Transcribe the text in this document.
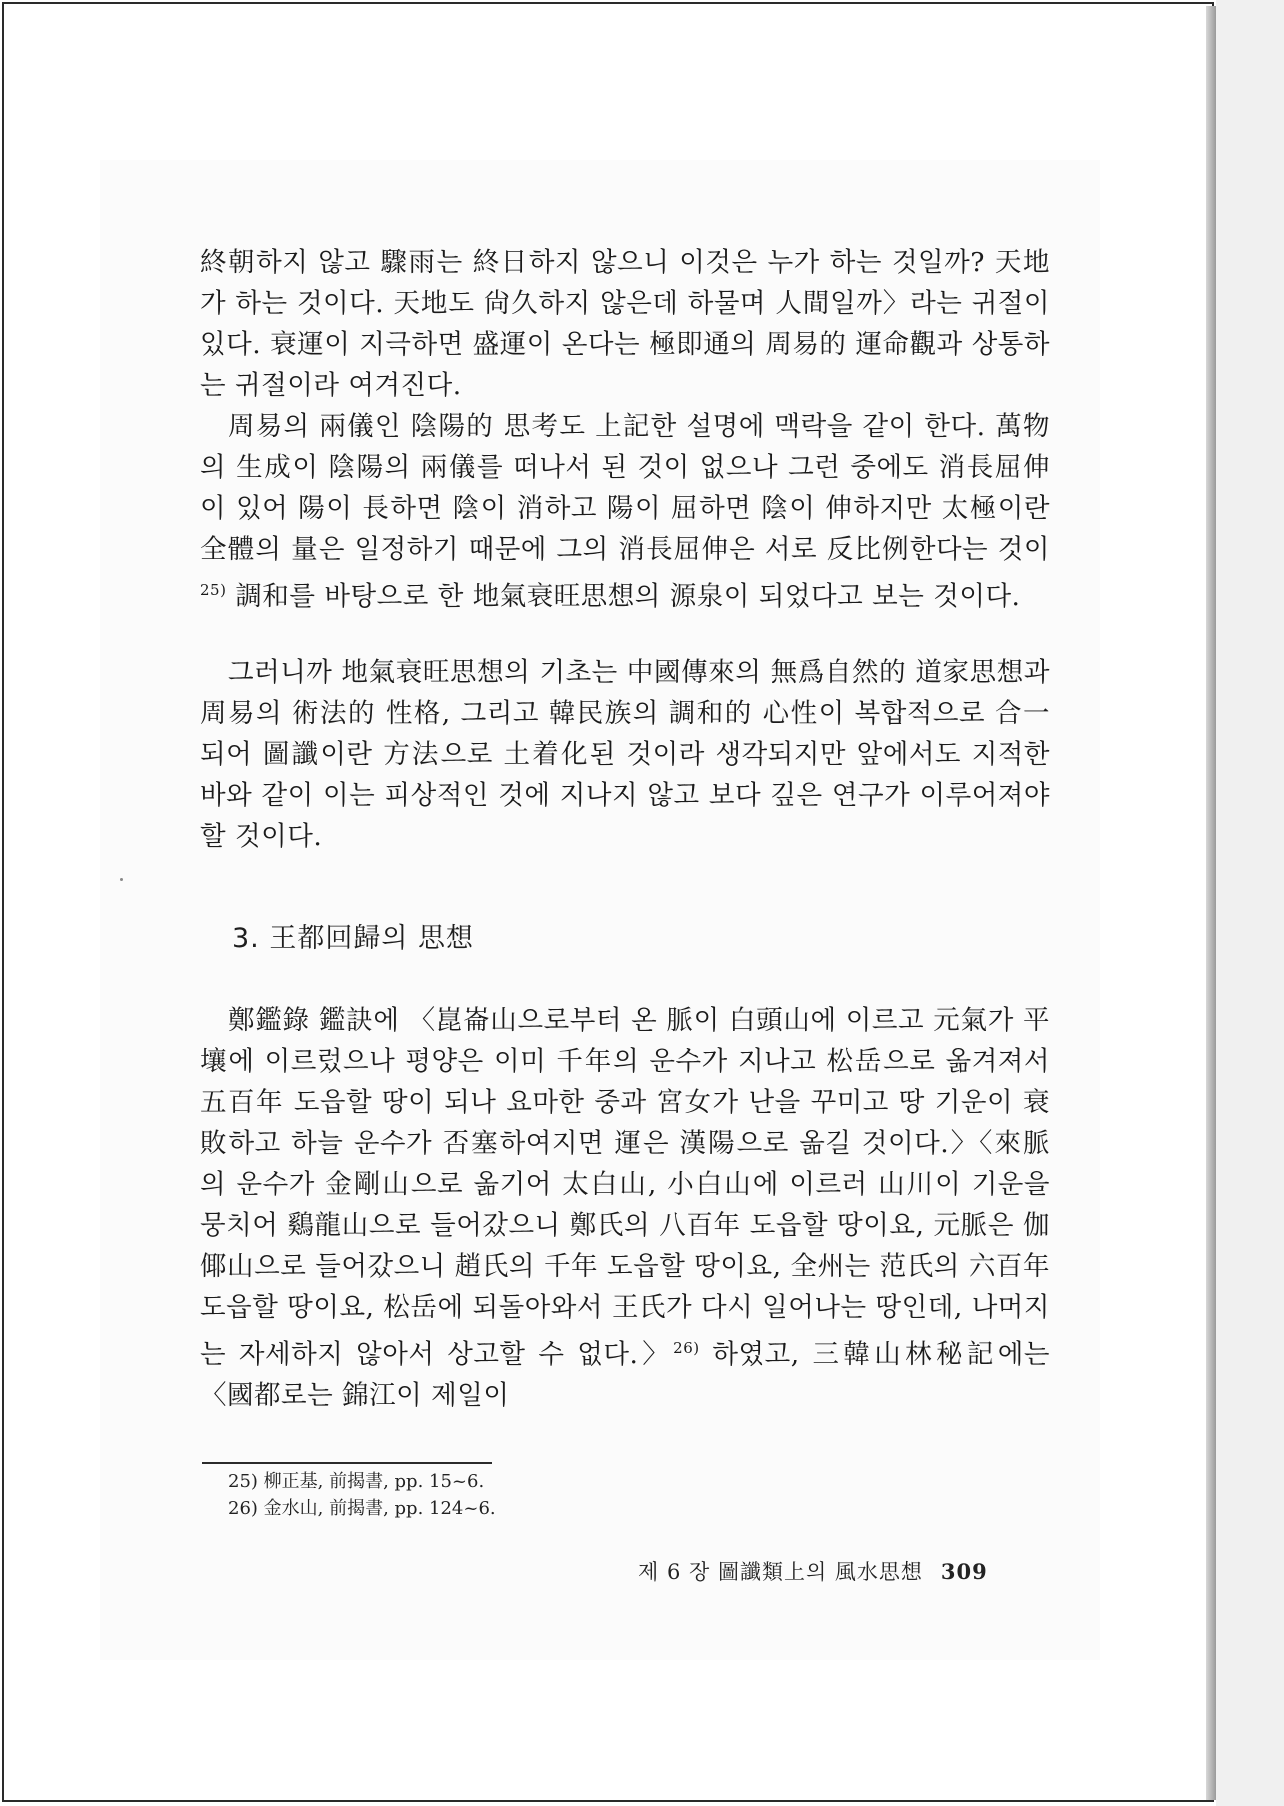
終朝하지 않고 驟雨는 終日하지 않으니 이것은 누가 하는 것일까? 天地가 하는 것이다. 天地도 尙久하지 않은데 하물며 人間일까〉라는 귀절이 있다. 衰運이 지극하면 盛運이 온다는 極即通의 周易的 運命觀과 상통하는 귀절이라 여겨진다.

周易의 兩儀인 陰陽的 思考도 上記한 설명에 맥락을 같이 한다. 萬物의 生成이 陰陽의 兩儀를 떠나서 된 것이 없으나 그런 중에도 消長屈伸이 있어 陽이 長하면 陰이 消하고 陽이 屈하면 陰이 伸하지만 太極이란 全體의 量은 일정하기 때문에 그의 消長屈伸은 서로 反比例한다는 것이$^{25)}$ 調和를 바탕으로 한 地氣衰旺思想의 源泉이 되었다고 보는 것이다.

그러니까 地氣衰旺思想의 기초는 中國傳來의 無爲自然的 道家思想과 周易의 術法的 性格, 그리고 韓民族의 調和的 心性이 복합적으로 合一되어 圖讖이란 方法으로 土着化된 것이라 생각되지만 앞에서도 지적한 바와 같이 이는 피상적인 것에 지나지 않고 보다 깊은 연구가 이루어져야 할 것이다.

3. 王都回歸의 思想

鄭鑑錄 鑑訣에 〈崑崙山으로부터 온 脈이 白頭山에 이르고 元氣가 平壤에 이르렀으나 평양은 이미 千年의 운수가 지나고 松岳으로 옮겨져서 五百年 도읍할 땅이 되나 요마한 중과 宮女가 난을 꾸미고 땅 기운이 衰敗하고 하늘 운수가 否塞하여지면 運은 漢陽으로 옮길 것이다.〉〈來脈의 운수가 金剛山으로 옮기어 太白山, 小白山에 이르러 山川이 기운을 뭉치어 鷄龍山으로 들어갔으니 鄭氏의 八百年 도읍할 땅이요, 元脈은 伽倻山으로 들어갔으니 趙氏의 千年 도읍할 땅이요, 全州는 范氏의 六百年 도읍할 땅이요, 松岳에 되돌아와서 王氏가 다시 일어나는 땅인데, 나머지는 자세하지 않아서 상고할 수 없다.〉$^{26)}$ 하였고, 三韓山林秘記에는 〈國都로는 錦江이 제일이

25) 柳正基, 前揭書, pp. 15~6.
26) 金水山, 前揭書, pp. 124~6.
제 6 장 圖讖類上의 風水思想 309
